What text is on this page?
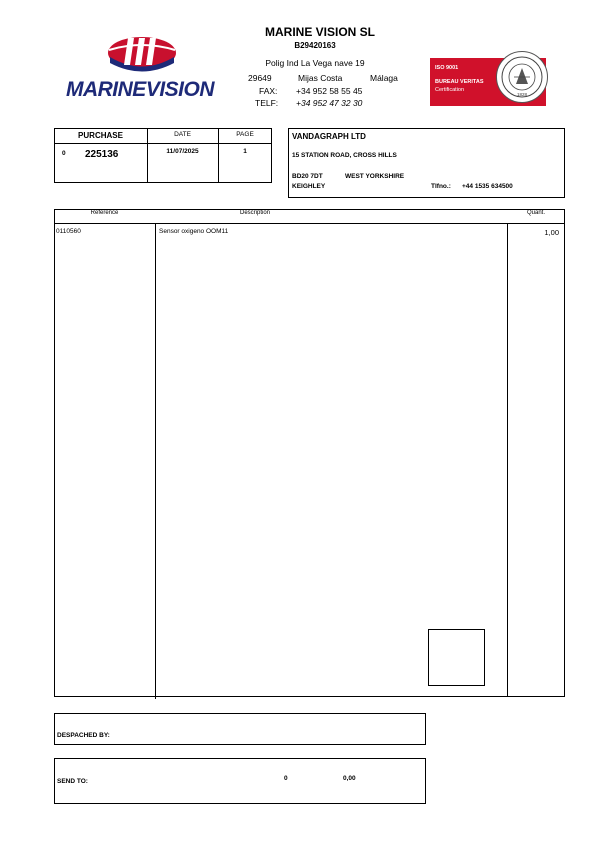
MARINEVISION
MARINE VISION SL
B29420163
Polig Ind La Vega nave 19
29649	Mijas Costa	Málaga
FAX: +34 952 58 55 45
TELF: +34 952 47 32 30
ISO 9001
BUREAU VERITAS
Certification
1828
PURCHASE	DATE	PAGE
0 225136	11/07/2025	1
VANDAGRAPH LTD
15 STATION ROAD, CROSS HILLS
BD20 7DT	WEST YORKSHIRE
KEIGHLEY	Tlfno.: +44 1535 634500
Reference	Description	Quant.
0110560	Sensor oxigeno OOM11	1,00
DESPACHED BY:
SEND TO:	0	0,00
